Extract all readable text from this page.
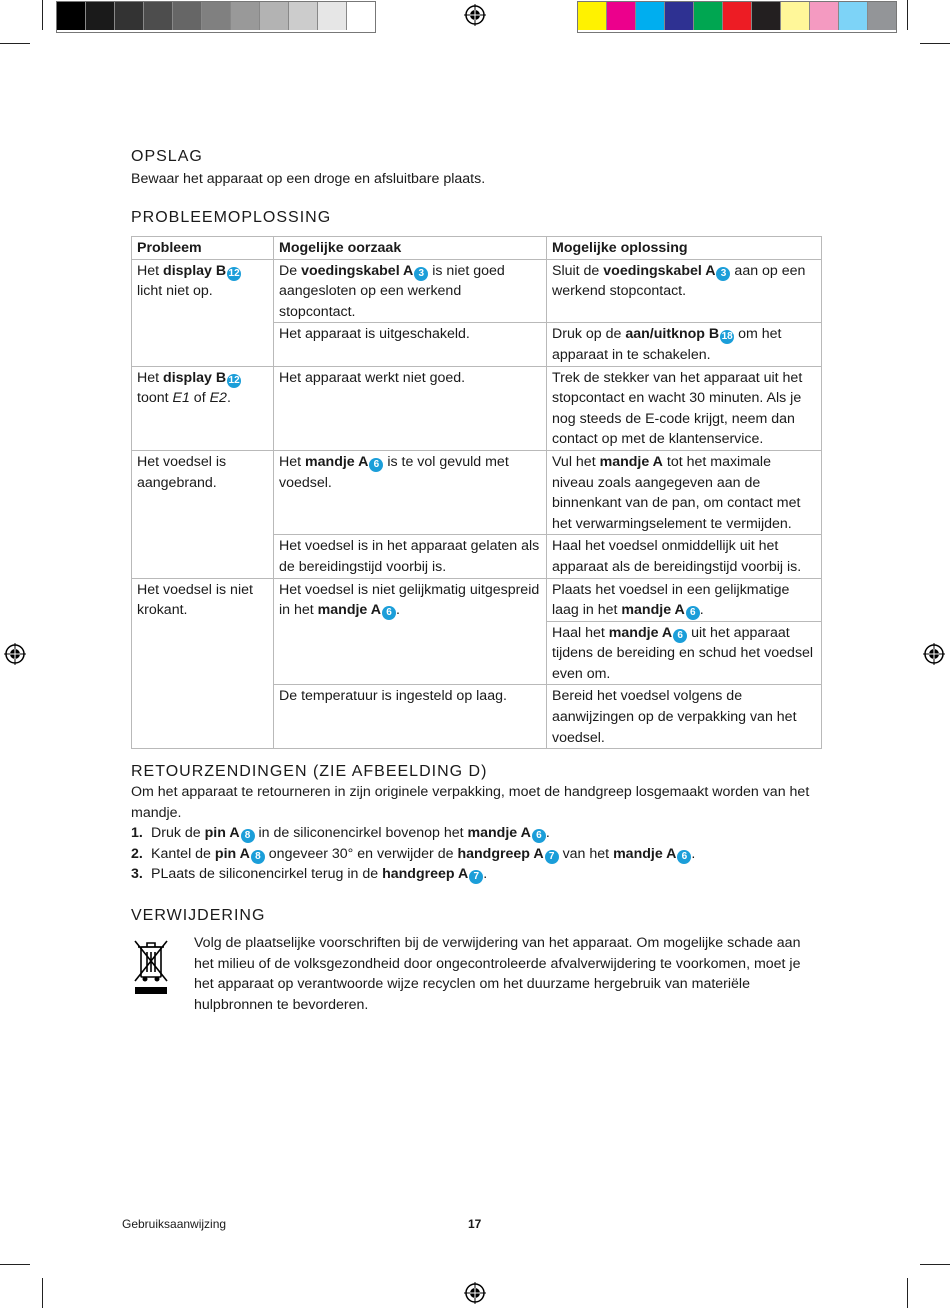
OPSLAG

Bewaar het apparaat op een droge en afsluitbare plaats.

PROBLEEMOPLOSSING
Probleem	Mogelijke oorzaak	Mogelijke oplossing
Het display B 12 licht niet op.	De voedingskabel A 3 is niet goed aangesloten op een werkend stopcontact.	Sluit de voedingskabel A 3 aan op een werkend stopcontact.
	Het apparaat is uitgeschakeld.	Druk op de aan/uitknop B 18 om het apparaat in te schakelen.
Het display B 12 toont E1 of E2.	Het apparaat werkt niet goed.	Trek de stekker van het apparaat uit het stopcontact en wacht 30 minuten. Als je nog steeds de E-code krijgt, neem dan contact op met de klantenservice.
Het voedsel is aangebrand.	Het mandje A 6 is te vol gevuld met voedsel.	Vul het mandje A tot het maximale niveau zoals aangegeven aan de binnenkant van de pan, om contact met het verwarmingselement te vermijden.
	Het voedsel is in het apparaat gelaten als de bereidingstijd voorbij is.	Haal het voedsel onmiddellijk uit het apparaat als de bereidingstijd voorbij is.
Het voedsel is niet krokant.	Het voedsel is niet gelijkmatig uitgespreid in het mandje A 6 .	Plaats het voedsel in een gelijkmatige laag in het mandje A 6 .
		Haal het mandje A 6 uit het apparaat tijdens de bereiding en schud het voedsel even om.
	De temperatuur is ingesteld op laag.	Bereid het voedsel volgens de aanwijzingen op de verpakking van het voedsel.
RETOURZENDINGEN (ZIE AFBEELDING D)

Om het apparaat te retourneren in zijn originele verpakking, moet de handgreep losgemaakt worden van het mandje.

1. Druk de pin A 8 in de siliconencirkel bovenop het mandje A 6 .
2. Kantel de pin A 8 ongeveer 30° en verwijder de handgreep A 7 van het mandje A 6 .
3. PLaats de siliconencirkel terug in de handgreep A 7 .
VERWIJDERING

Volg de plaatselijke voorschriften bij de verwijdering van het apparaat. Om mogelijke schade aan het milieu of de volksgezondheid door ongecontroleerde afvalverwijdering te voorkomen, moet je het apparaat op verantwoorde wijze recyclen om het duurzame hergebruik van materiële hulpbronnen te bevorderen.

Gebruiksaanwijzing	17
